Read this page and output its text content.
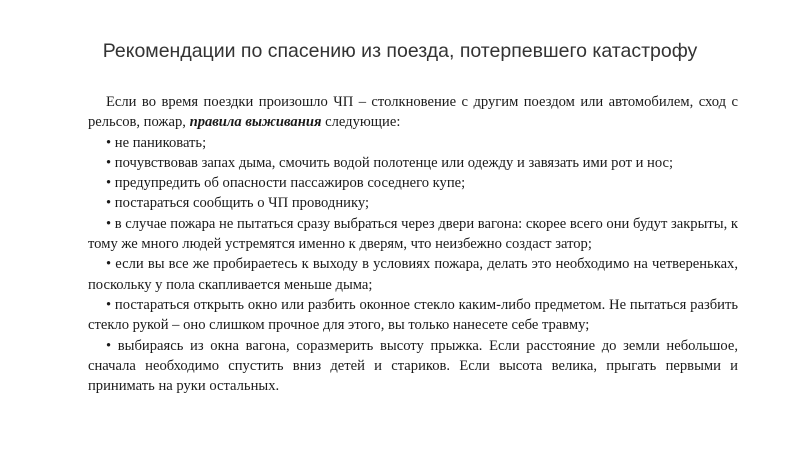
Рекомендации по спасению из поезда, потерпевшего катастрофу

Если во время поездки произошло ЧП – столкновение с другим поездом или автомобилем, сход с рельсов, пожар, правила выживания следующие:

• не паниковать;

• почувствовав запах дыма, смочить водой полотенце или одежду и завязать ими рот и нос;

• предупредить об опасности пассажиров соседнего купе;

• постараться сообщить о ЧП проводнику;

• в случае пожара не пытаться сразу выбраться через двери вагона: скорее всего они будут закрыты, к тому же много людей устремятся именно к дверям, что неизбежно создаст затор;

• если вы все же пробираетесь к выходу в условиях пожара, делать это необходимо на четвереньках, поскольку у пола скапливается меньше дыма;

• постараться открыть окно или разбить оконное стекло каким-либо предметом. Не пытаться разбить стекло рукой – оно слишком прочное для этого, вы только нанесете себе травму;

• выбираясь из окна вагона, соразмерить высоту прыжка. Если расстояние до земли небольшое, сначала необходимо спустить вниз детей и стариков. Если высота велика, прыгать первыми и принимать на руки остальных.
